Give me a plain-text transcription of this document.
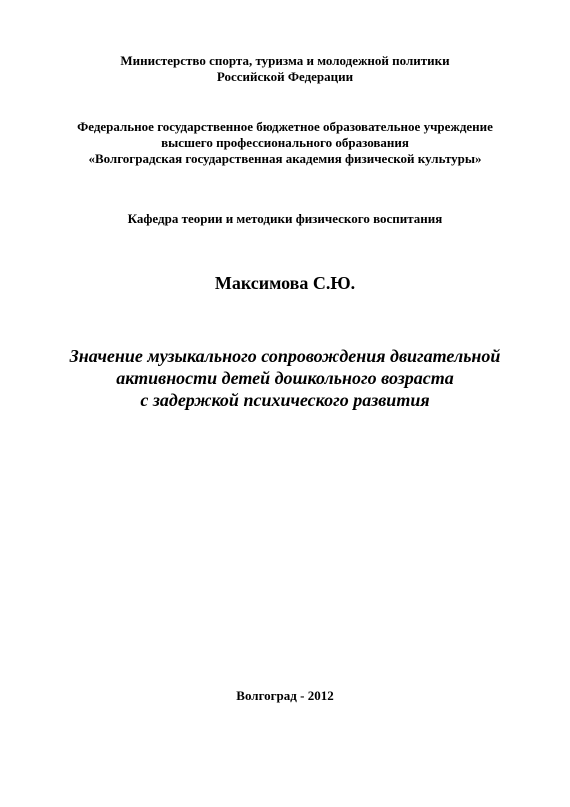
Министерство спорта, туризма и молодежной политики
Российской Федерации
Федеральное государственное бюджетное образовательное учреждение
высшего профессионального образования
«Волгоградская государственная академия физической культуры»
Кафедра теории и методики физического воспитания
Максимова С.Ю.
Значение музыкального сопровождения двигательной
активности детей дошкольного возраста
с задержкой психического развития
Волгоград - 2012
